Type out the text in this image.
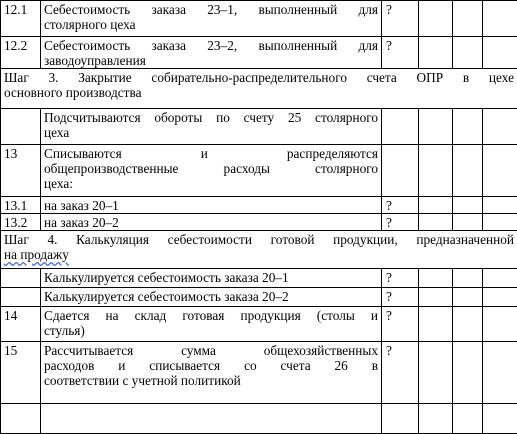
12.1	Себестоимость заказа 23–1, выполненный для
столярного цеха	?			
12.2	Себестоимость заказа 23–2, выполненный для
заводоуправления	?			

Шаг 3. Закрытие собирательно-распределительного счета ОПР в цехе
основного производства					

	Подсчитываются обороты по счету 25 столярного
цеха				

13	Списываются и распределяются
общепроизводственные расходы столярного
цеха:				

13.1	на заказ 20–1	?			
13.2	на заказ 20–2	?			

Шаг 4. Калькуляция себестоимости готовой продукции, предназначенной
на продажу					

	Калькулируется себестоимость заказа 20–1	?			
	Калькулируется себестоимость заказа 20–2	?			
14	Сдается на склад готовая продукция (столы и
стулья)	?			
15	Рассчитывается сумма общехозяйственных
расходов и списывается со счета 26 в
соответствии с учетной политикой	?			
